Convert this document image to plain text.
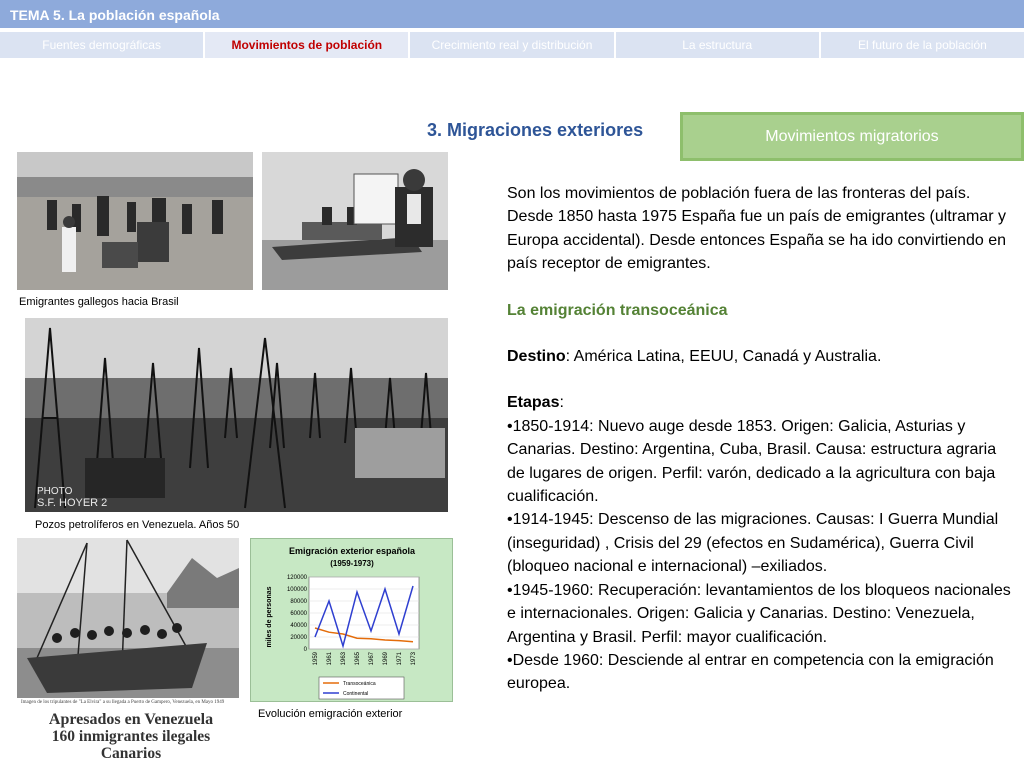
TEMA 5. La población española
Fuentes demográficas	Movimientos de población	Crecimiento real y distribución	La estructura	El futuro de la población
3. Migraciones exteriores	Movimientos migratorios
Emigrantes gallegos hacia Brasil
PHOTO
S.F. HOYER 2
Pozos petrolíferos en Venezuela. Años 50
Imagen de los tripulantes de "La Elvira" a su llegada a Puerto de Gampero, Venezuela, en Mayo 1949
Apresados en Venezuela
160 inmigrantes ilegales Canarios
Emigración exterior española
(1959-1973)
miles de personas
120000
100000
80000
60000
40000
20000
0
1959 1961 1963 1965 1967 1969 1971 1973
Transoceánica
Continental
Evolución emigración exterior

Son los movimientos de población fuera de las fronteras del país. Desde 1850 hasta 1975 España fue un país de emigrantes (ultramar y Europa accidental). Desde entonces España se ha ido convirtiendo en país receptor de emigrantes.

La emigración transoceánica

Destino: América Latina, EEUU, Canadá y Australia.

Etapas:

•1850-1914: Nuevo auge desde 1853. Origen: Galicia, Asturias y Canarias. Destino: Argentina, Cuba, Brasil. Causa: estructura agraria de lugares de origen. Perfil: varón, dedicado a la agricultura con baja cualificación.

•1914-1945: Descenso de las migraciones. Causas: I Guerra Mundial (inseguridad) , Crisis del 29 (efectos en Sudamérica), Guerra Civil (bloqueo nacional e internacional) –exiliados.

•1945-1960: Recuperación: levantamientos de los bloqueos nacionales e internacionales. Origen: Galicia y Canarias. Destino: Venezuela, Argentina y Brasil. Perfil: mayor cualificación.

•Desde 1960: Desciende al entrar en competencia con la emigración europea.
